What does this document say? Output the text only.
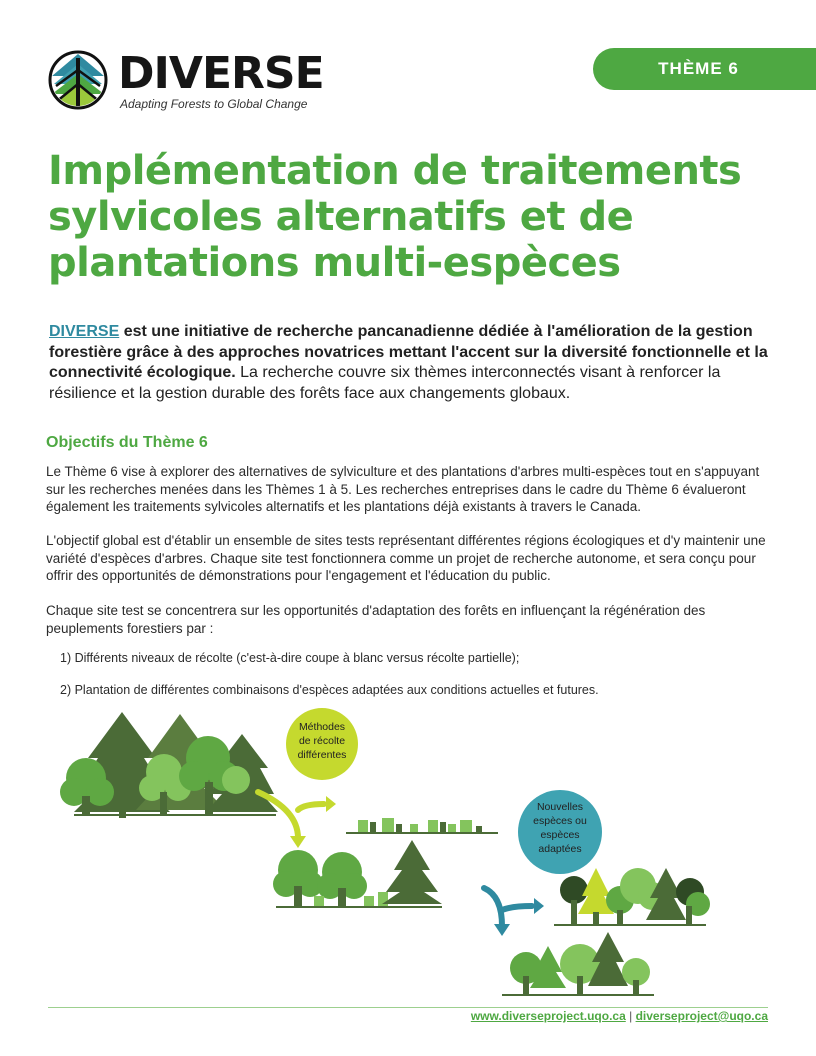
DIVERSE
Adapting Forests to Global Change
THÈME 6
Implémentation de traitements sylvicoles alternatifs et de plantations multi-espèces

DIVERSE est une initiative de recherche pancanadienne dédiée à l'amélioration de la gestion forestière grâce à des approches novatrices mettant l'accent sur la diversité fonctionnelle et la connectivité écologique. La recherche couvre six thèmes interconnectés visant à renforcer la résilience et la gestion durable des forêts face aux changements globaux.

Objectifs du Thème 6

Le Thème 6 vise à explorer des alternatives de sylviculture et des plantations d'arbres multi-espèces tout en s'appuyant sur les recherches menées dans les Thèmes 1 à 5. Les recherches entreprises dans le cadre du Thème 6 évalueront également les traitements sylvicoles alternatifs et les plantations déjà existants à travers le Canada.

L'objectif global est d'établir un ensemble de sites tests représentant différentes régions écologiques et d'y maintenir une variété d'espèces d'arbres. Chaque site test fonctionnera comme un projet de recherche autonome, et sera conçu pour offrir des opportunités de démonstrations pour l'engagement et l'éducation du public.

Chaque site test se concentrera sur les opportunités d'adaptation des forêts en influençant la régénération des peuplements forestiers par :

1) Différents niveaux de récolte (c'est-à-dire coupe à blanc versus récolte partielle);

2) Plantation de différentes combinaisons d'espèces adaptées aux conditions actuelles et futures.

Méthodes
de récolte
différentes
Nouvelles
espèces ou
espèces
adaptées
www.diverseproject.uqo.ca | diverseproject@uqo.ca
